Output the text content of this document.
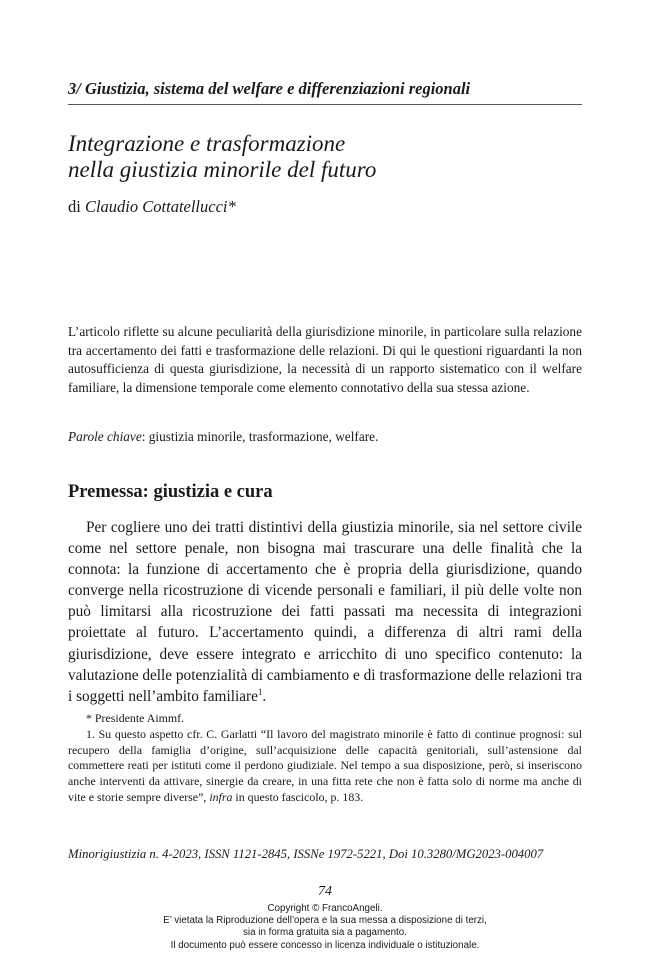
3/ Giustizia, sistema del welfare e differenziazioni regionali
Integrazione e trasformazione
nella giustizia minorile del futuro
di Claudio Cottatellucci*

L’articolo riflette su alcune peculiarità della giurisdizione minorile, in particolare sulla relazione tra accertamento dei fatti e trasformazione delle relazioni. Di qui le questioni riguardanti la non autosufficienza di questa giurisdizione, la necessità di un rapporto sistematico con il welfare familiare, la dimensione temporale come elemento connotativo della sua stessa azione.

Parole chiave: giustizia minorile, trasformazione, welfare.
Premessa: giustizia e cura

Per cogliere uno dei tratti distintivi della giustizia minorile, sia nel settore civile come nel settore penale, non bisogna mai trascurare una delle finalità che la connota: la funzione di accertamento che è propria della giurisdizione, quando converge nella ricostruzione di vicende personali e familiari, il più delle volte non può limitarsi alla ricostruzione dei fatti passati ma necessita di integrazioni proiettate al futuro. L’accertamento quindi, a differenza di altri rami della giurisdizione, deve essere integrato e arricchito di uno specifico contenuto: la valutazione delle potenzialità di cambiamento e di trasformazione delle relazioni tra i soggetti nell’ambito familiare$^1$.

* Presidente Aimmf.

1. Su questo aspetto cfr. C. Garlatti “Il lavoro del magistrato minorile è fatto di continue prognosi: sul recupero della famiglia d’origine, sull’acquisizione delle capacità genitoriali, sull’astensione dal commettere reati per istituti come il perdono giudiziale. Nel tempo a sua disposizione, però, si inseriscono anche interventi da attivare, sinergie da creare, in una fitta rete che non è fatta solo di norme ma anche di vite e storie sempre diverse”, infra in questo fascicolo, p. 183.

Minorigiustizia n. 4-2023, ISSN 1121-2845, ISSNe 1972-5221, Doi 10.3280/MG2023-004007
74
Copyright © FrancoAngeli.
E’ vietata la Riproduzione dell’opera e la sua messa a disposizione di terzi,
sia in forma gratuita sia a pagamento.
Il documento può essere concesso in licenza individuale o istituzionale.
